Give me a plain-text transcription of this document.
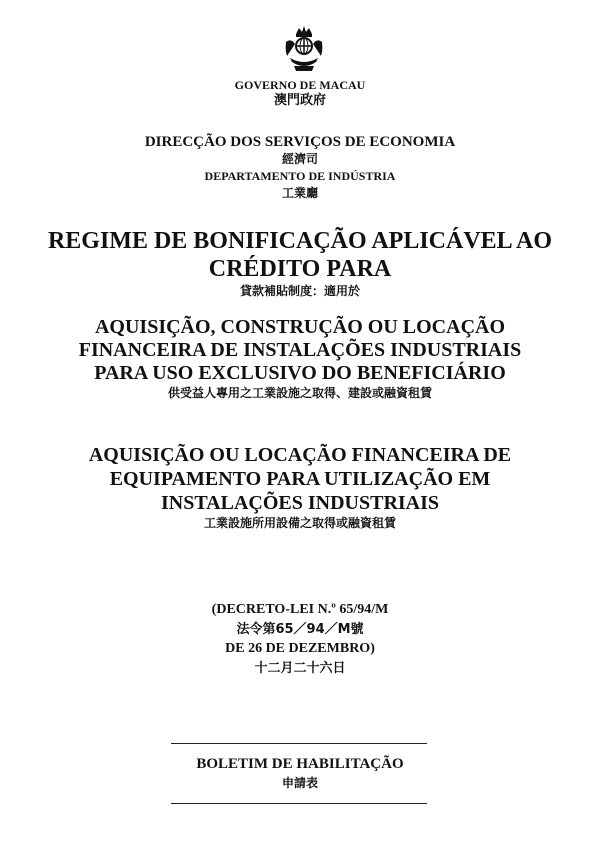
GOVERNO DE MACAU
澳門政府
DIRECÇÃO DOS SERVIÇOS DE ECONOMIA
經濟司
DEPARTAMENTO DE INDÚSTRIA
工業廳
REGIME DE BONIFICAÇÃO APLICÁVEL AO
CRÉDITO PARA
貸款補貼制度：適用於
AQUISIÇÃO, CONSTRUÇÃO OU LOCAÇÃO
FINANCEIRA DE INSTALAÇÕES INDUSTRIAIS
PARA USO EXCLUSIVO DO BENEFICIÁRIO
供受益人專用之工業設施之取得、建設或融資租賃
AQUISIÇÃO OU LOCAÇÃO FINANCEIRA DE
EQUIPAMENTO PARA UTILIZAÇÃO EM
INSTALAÇÕES INDUSTRIAIS
工業設施所用設備之取得或融資租賃
(DECRETO-LEI N.º 65/94/M
法令第65／94／M號
DE 26 DE DEZEMBRO)
十二月二十六日
BOLETIM DE HABILITAÇÃO
申請表
